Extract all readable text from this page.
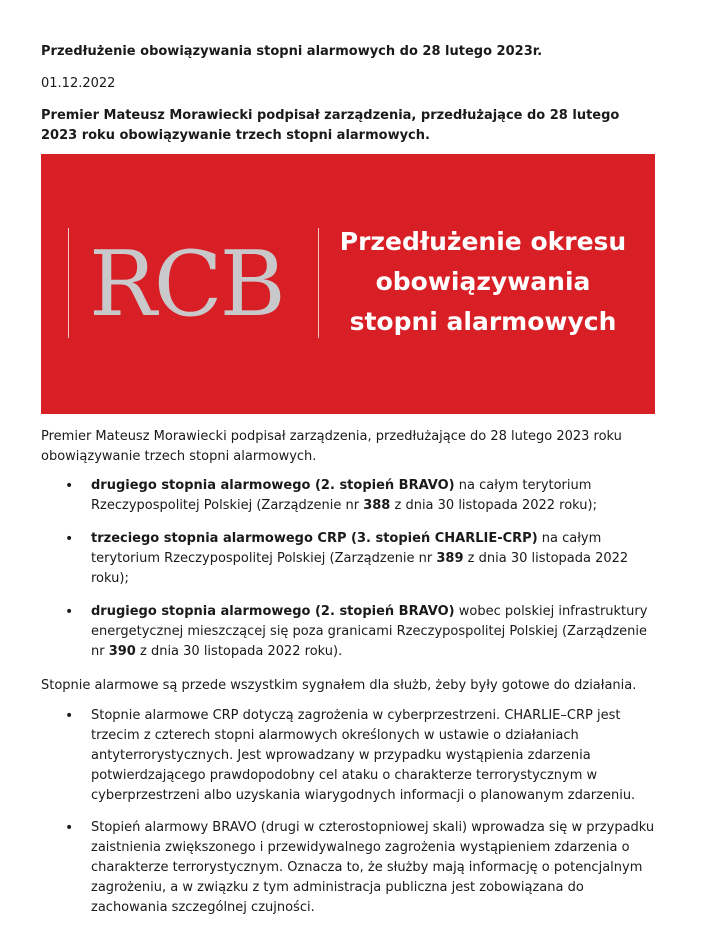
Przedłużenie obowiązywania stopni alarmowych do 28 lutego 2023r.

01.12.2022

Premier Mateusz Morawiecki podpisał zarządzenia, przedłużające do 28 lutego 2023 roku obowiązywanie trzech stopni alarmowych.

RCB Przedłużenie okresu
obowiązywania
stopni alarmowych

Premier Mateusz Morawiecki podpisał zarządzenia, przedłużające do 28 lutego 2023 roku obowiązywanie trzech stopni alarmowych.

• drugiego stopnia alarmowego (2. stopień BRAVO) na całym terytorium Rzeczypospolitej Polskiej (Zarządzenie nr 388 z dnia 30 listopada 2022 roku);
• trzeciego stopnia alarmowego CRP (3. stopień CHARLIE-CRP) na całym terytorium Rzeczypospolitej Polskiej (Zarządzenie nr 389 z dnia 30 listopada 2022 roku);
• drugiego stopnia alarmowego (2. stopień BRAVO) wobec polskiej infrastruktury energetycznej mieszczącej się poza granicami Rzeczypospolitej Polskiej (Zarządzenie nr 390 z dnia 30 listopada 2022 roku).

Stopnie alarmowe są przede wszystkim sygnałem dla służb, żeby były gotowe do działania.

• Stopnie alarmowe CRP dotyczą zagrożenia w cyberprzestrzeni. CHARLIE–CRP jest trzecim z czterech stopni alarmowych określonych w ustawie o działaniach antyterrorystycznych. Jest wprowadzany w przypadku wystąpienia zdarzenia potwierdzającego prawdopodobny cel ataku o charakterze terrorystycznym w cyberprzestrzeni albo uzyskania wiarygodnych informacji o planowanym zdarzeniu.
• Stopień alarmowy BRAVO (drugi w czterostopniowej skali) wprowadza się w przypadku zaistnienia zwiększonego i przewidywalnego zagrożenia wystąpieniem zdarzenia o charakterze terrorystycznym. Oznacza to, że służby mają informację o potencjalnym zagrożeniu, a w związku z tym administracja publiczna jest zobowiązana do zachowania szczególnej czujności.
